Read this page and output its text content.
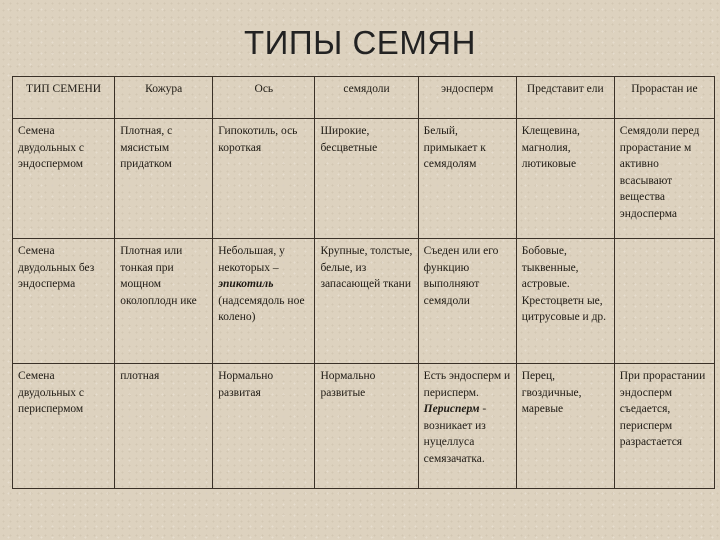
ТИПЫ СЕМЯН
ТИП СЕМЕНИ	Кожура	Ось	семядоли	эндосперм	Представит ели	Прорастан ие
Семена двудольных с эндоспермом	Плотная, с мясистым придатком	Гипокотиль, ось короткая	Широкие, бесцветные	Белый, примыкает к семядолям	Клещевина, магнолия, лютиковые	Семядоли перед прорастание м активно всасывают вещества эндосперма
Семена двудольных без эндосперма	Плотная или тонкая при мощном околоплодн ике	Небольшая, у некоторых – эпикотиль (надсемядоль ное колено)	Крупные, толстые, белые, из запасающей ткани	Съеден или его функцию выполняют семядоли	Бобовые, тыквенные, астровые. Крестоцветн ые, цитрусовые и др.	
Семена двудольных с периспермом	плотная	Нормально развитая	Нормально развитые	Есть эндосперм и перисперм. Перисперм - возникает из нуцеллуса семязачатка.	Перец, гвоздичные, маревые	При прорастании эндосперм съедается, перисперм разрастается
